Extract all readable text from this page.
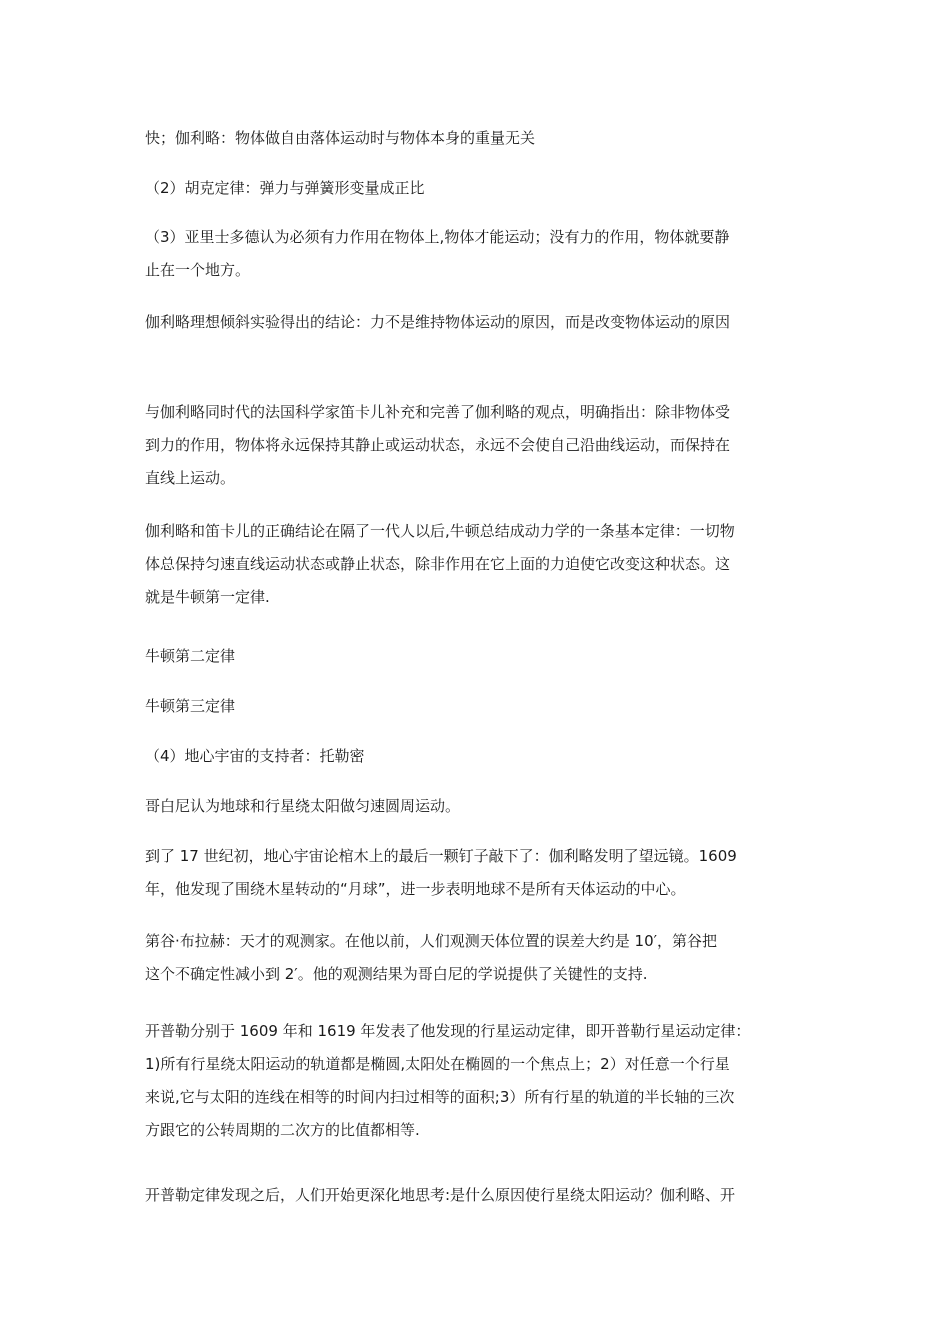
快；伽利略：物体做自由落体运动时与物体本身的重量无关
（2）胡克定律：弹力与弹簧形变量成正比
（3）亚里士多德认为必须有力作用在物体上,物体才能运动；没有力的作用，物体就要静
止在一个地方。
伽利略理想倾斜实验得出的结论：力不是维持物体运动的原因，而是改变物体运动的原因
与伽利略同时代的法国科学家笛卡儿补充和完善了伽利略的观点，明确指出：除非物体受
到力的作用，物体将永远保持其静止或运动状态，永远不会使自己沿曲线运动，而保持在
直线上运动。
伽利略和笛卡儿的正确结论在隔了一代人以后,牛顿总结成动力学的一条基本定律：一切物
体总保持匀速直线运动状态或静止状态，除非作用在它上面的力迫使它改变这种状态。这
就是牛顿第一定律.
牛顿第二定律
牛顿第三定律
（4）地心宇宙的支持者：托勒密
哥白尼认为地球和行星绕太阳做匀速圆周运动。
到了 17 世纪初，地心宇宙论棺木上的最后一颗钉子敲下了：伽利略发明了望远镜。1609
年，他发现了围绕木星转动的“月球”，进一步表明地球不是所有天体运动的中心。
第谷·布拉赫：天才的观测家。在他以前，人们观测天体位置的误差大约是 10′，第谷把
这个不确定性减小到 2′。他的观测结果为哥白尼的学说提供了关键性的支持.
开普勒分别于 1609 年和 1619 年发表了他发现的行星运动定律，即开普勒行星运动定律：
1)所有行星绕太阳运动的轨道都是椭圆,太阳处在椭圆的一个焦点上；2）对任意一个行星
来说,它与太阳的连线在相等的时间内扫过相等的面积;3）所有行星的轨道的半长轴的三次
方跟它的公转周期的二次方的比值都相等.
开普勒定律发现之后，人们开始更深化地思考:是什么原因使行星绕太阳运动？伽利略、开
